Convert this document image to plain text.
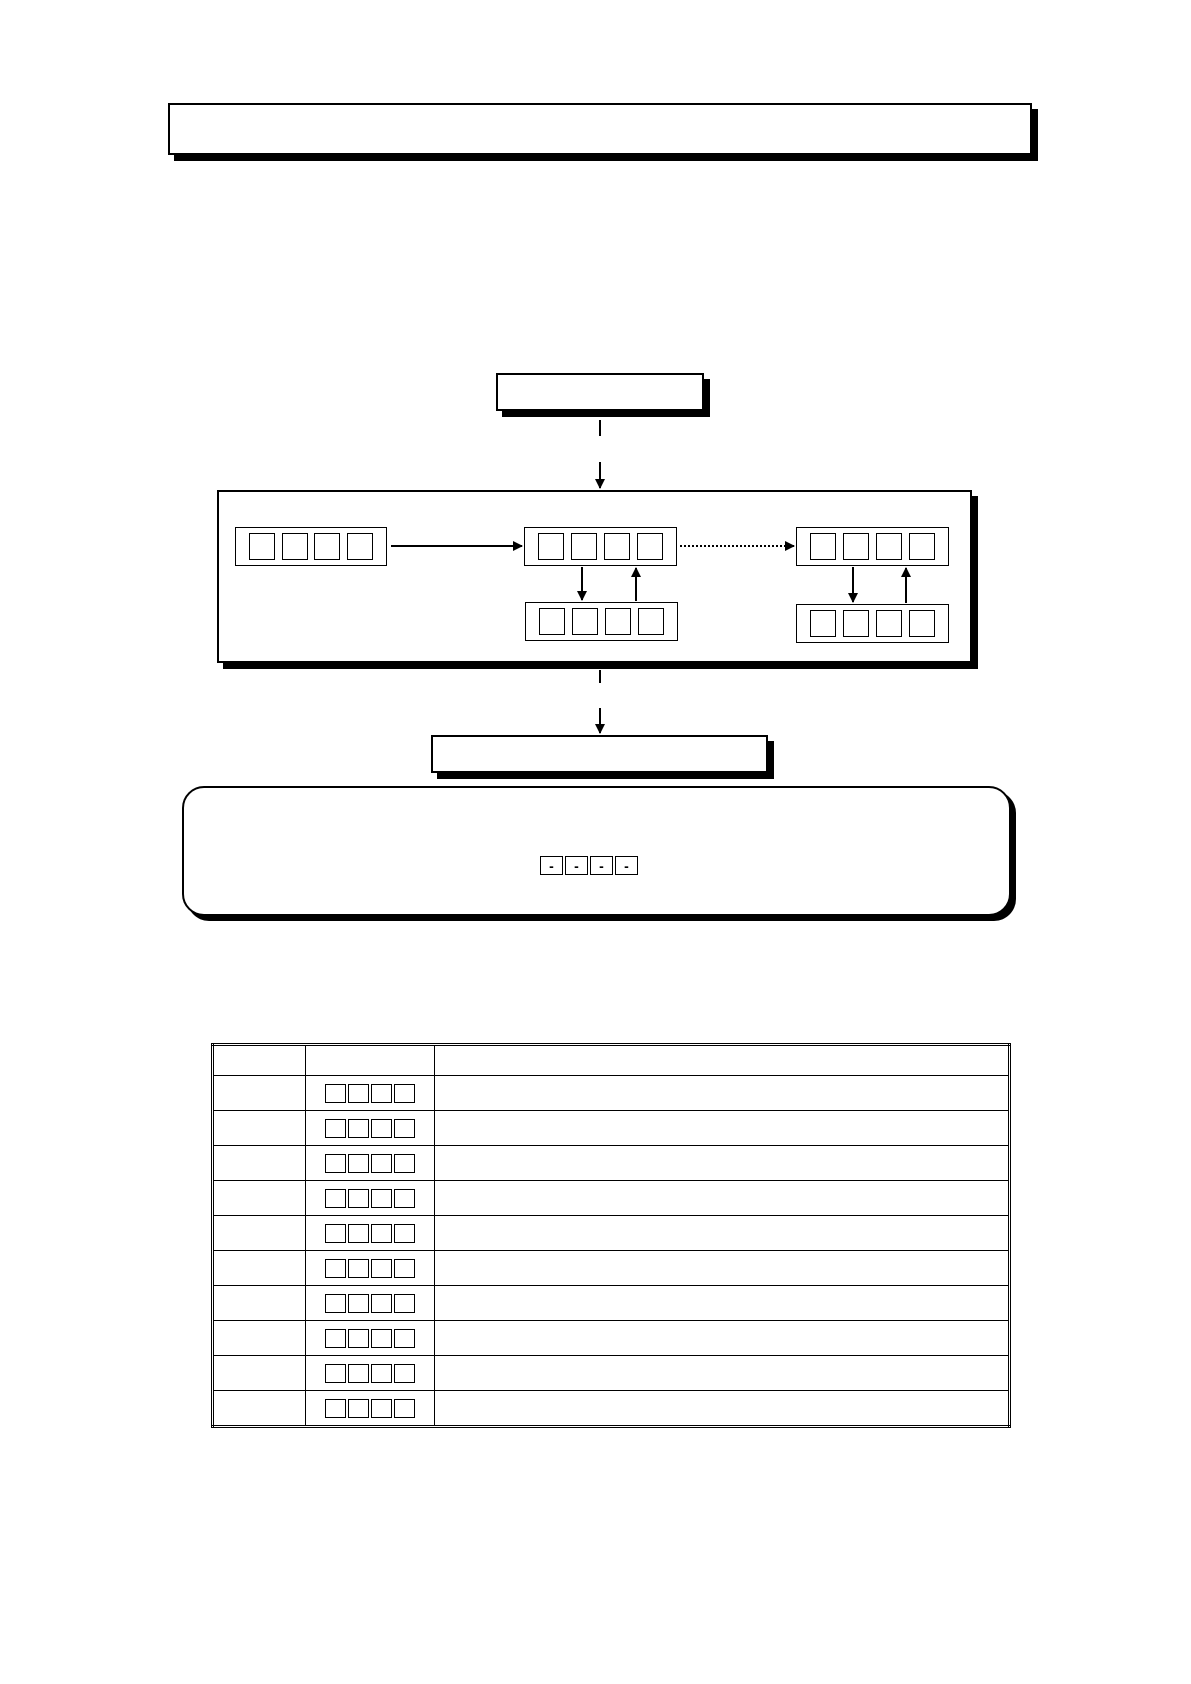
-	-	-	-
